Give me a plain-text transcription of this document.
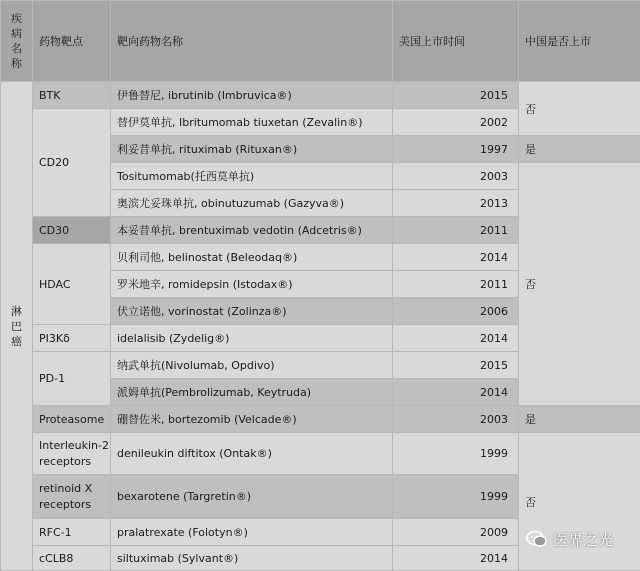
疾病名称	药物靶点	靶向药物名称	美国上市时间	中国是否上市
淋巴癌	BTK	伊鲁替尼, ibrutinib (Imbruvica®)	2015	否
	CD20	替伊莫单抗, Ibritumomab tiuxetan (Zevalin®)	2002	
		利妥昔单抗, rituximab (Rituxan®)	1997	是
		Tositumomab(托西莫单抗)	2003	否
		奥滨尤妥珠单抗, obinutuzumab (Gazyva®)	2013	
	CD30	本妥昔单抗, brentuximab vedotin (Adcetris®)	2011	
	HDAC	贝利司他, belinostat (Beleodaq®)	2014	
		罗米地辛, romidepsin (Istodax®)	2011	
		伏立诺他, vorinostat (Zolinza®)	2006	
	PI3Kδ	idelalisib (Zydelig®)	2014	
	PD-1	纳武单抗(Nivolumab, Opdivo)	2015	
		派姆单抗(Pembrolizumab, Keytruda)	2014	
	Proteasome	硼替佐米, bortezomib (Velcade®)	2003	是
	Interleukin-2 receptors	denileukin diftitox (Ontak®)	1999	否
	retinoid X receptors	bexarotene (Targretin®)	1999	
	RFC-1	pralatrexate (Folotyn®)	2009	
	cCLB8	siltuximab (Sylvant®)	2014	
医界之光
